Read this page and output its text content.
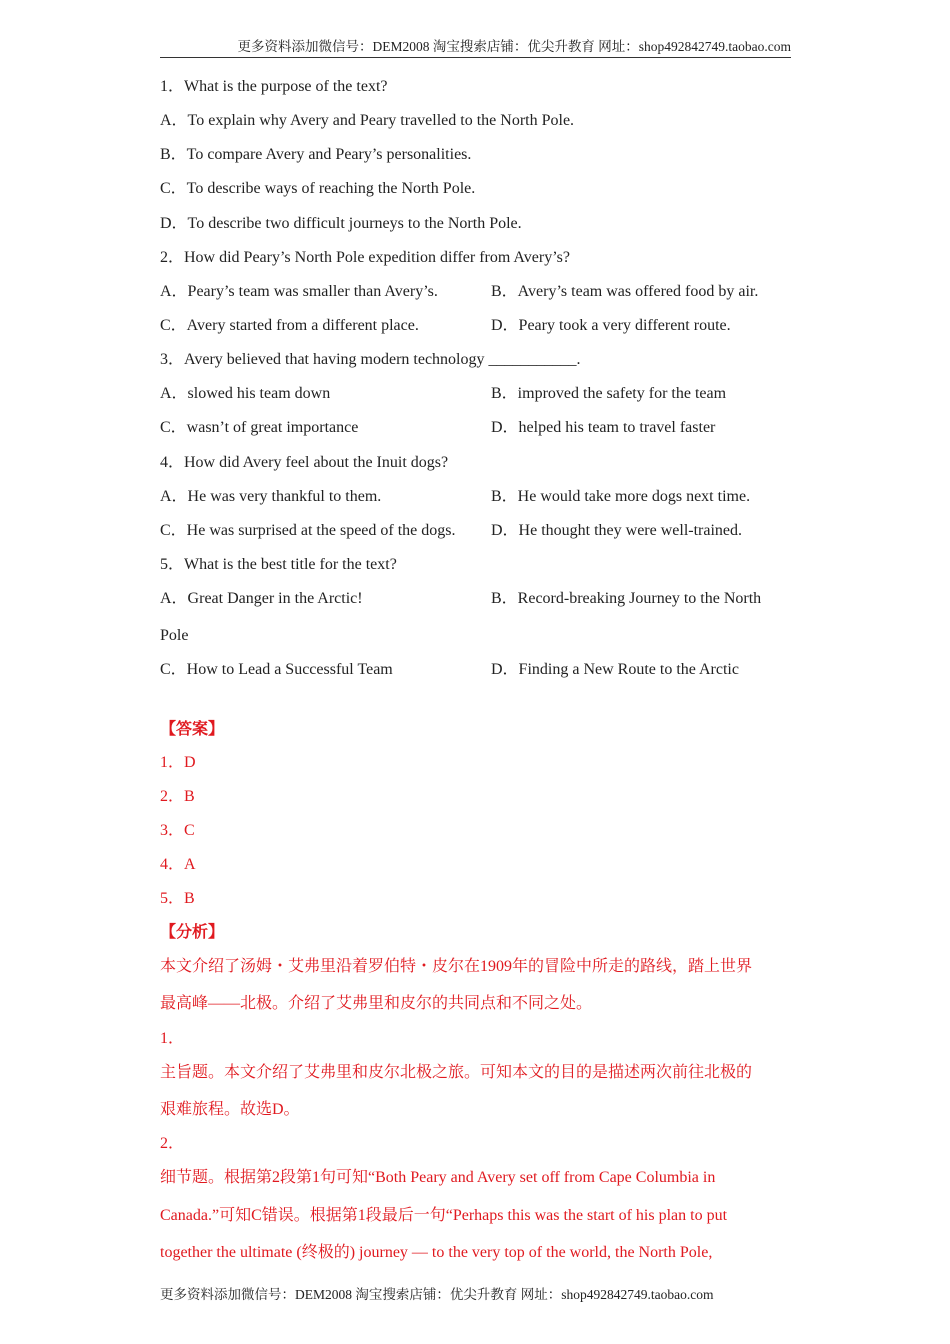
更多资料添加微信号：DEM2008 淘宝搜索店铺：优尖升教育 网址：shop492842749.taobao.com
1．What is the purpose of the text?
A．To explain why Avery and Peary travelled to the North Pole.
B．To compare Avery and Peary’s personalities.
C．To describe ways of reaching the North Pole.
D．To describe two difficult journeys to the North Pole.
2．How did Peary’s North Pole expedition differ from Avery’s?
A．Peary’s team was smaller than Avery’s.	B．Avery’s team was offered food by air.
C．Avery started from a different place.	D．Peary took a very different route.
3．Avery believed that having modern technology ___________.
A．slowed his team down	B．improved the safety for the team
C．wasn’t of great importance	D．helped his team to travel faster
4．How did Avery feel about the Inuit dogs?
A．He was very thankful to them.	B．He would take more dogs next time.
C．He was surprised at the speed of the dogs. D．He thought they were well-trained.
5．What is the best title for the text?
A．Great Danger in the Arctic!	B．Record-breaking Journey to the North
Pole
C．How to Lead a Successful Team	D．Finding a New Route to the Arctic
【答案】
1．D
2．B
3．C
4．A
5．B
【分析】
本文介绍了汤姆・艾弗里沿着罗伯特・皮尔在1909年的冒险中所走的路线，踏上世界
最高峰——北极。介绍了艾弗里和皮尔的共同点和不同之处。
1．
主旨题。本文介绍了艾弗里和皮尔北极之旅。可知本文的目的是描述两次前往北极的
艰难旅程。故选D。
2．
细节题。根据第2段第1句可知“Both Peary and Avery set off from Cape Columbia in
Canada.”可知C错误。根据第1段最后一句“Perhaps this was the start of his plan to put
together the ultimate (终极的) journey — to the very top of the world, the North Pole,
更多资料添加微信号：DEM2008 淘宝搜索店铺：优尖升教育 网址：shop492842749.taobao.com
